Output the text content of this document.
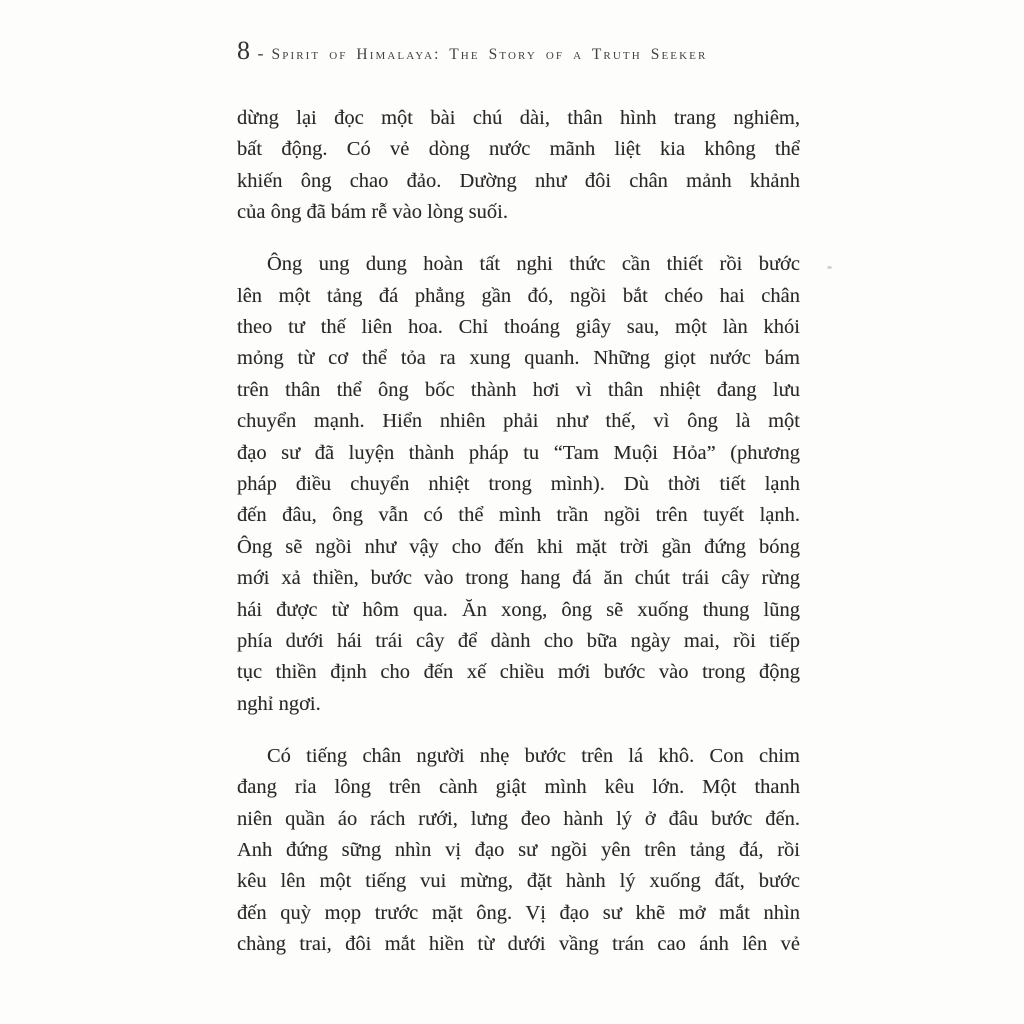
8 - Spirit of Himalaya: The Story of a Truth Seeker

dừng lại đọc một bài chú dài, thân hình trang nghiêm,
bất động. Có vẻ dòng nước mãnh liệt kia không thể
khiến ông chao đảo. Dường như đôi chân mảnh khảnh
của ông đã bám rễ vào lòng suối.

Ông ung dung hoàn tất nghi thức cần thiết rồi bước
lên một tảng đá phẳng gần đó, ngồi bắt chéo hai chân
theo tư thế liên hoa. Chỉ thoáng giây sau, một làn khói
mỏng từ cơ thể tỏa ra xung quanh. Những giọt nước bám
trên thân thể ông bốc thành hơi vì thân nhiệt đang lưu
chuyển mạnh. Hiển nhiên phải như thế, vì ông là một
đạo sư đã luyện thành pháp tu “Tam Muội Hỏa” (phương
pháp điều chuyển nhiệt trong mình). Dù thời tiết lạnh
đến đâu, ông vẫn có thể mình trần ngồi trên tuyết lạnh.
Ông sẽ ngồi như vậy cho đến khi mặt trời gần đứng bóng
mới xả thiền, bước vào trong hang đá ăn chút trái cây rừng
hái được từ hôm qua. Ăn xong, ông sẽ xuống thung lũng
phía dưới hái trái cây để dành cho bữa ngày mai, rồi tiếp
tục thiền định cho đến xế chiều mới bước vào trong động
nghỉ ngơi.

Có tiếng chân người nhẹ bước trên lá khô. Con chim
đang rỉa lông trên cành giật mình kêu lớn. Một thanh
niên quần áo rách rưới, lưng đeo hành lý ở đâu bước đến.
Anh đứng sững nhìn vị đạo sư ngồi yên trên tảng đá, rồi
kêu lên một tiếng vui mừng, đặt hành lý xuống đất, bước
đến quỳ mọp trước mặt ông. Vị đạo sư khẽ mở mắt nhìn
chàng trai, đôi mắt hiền từ dưới vầng trán cao ánh lên vẻ
